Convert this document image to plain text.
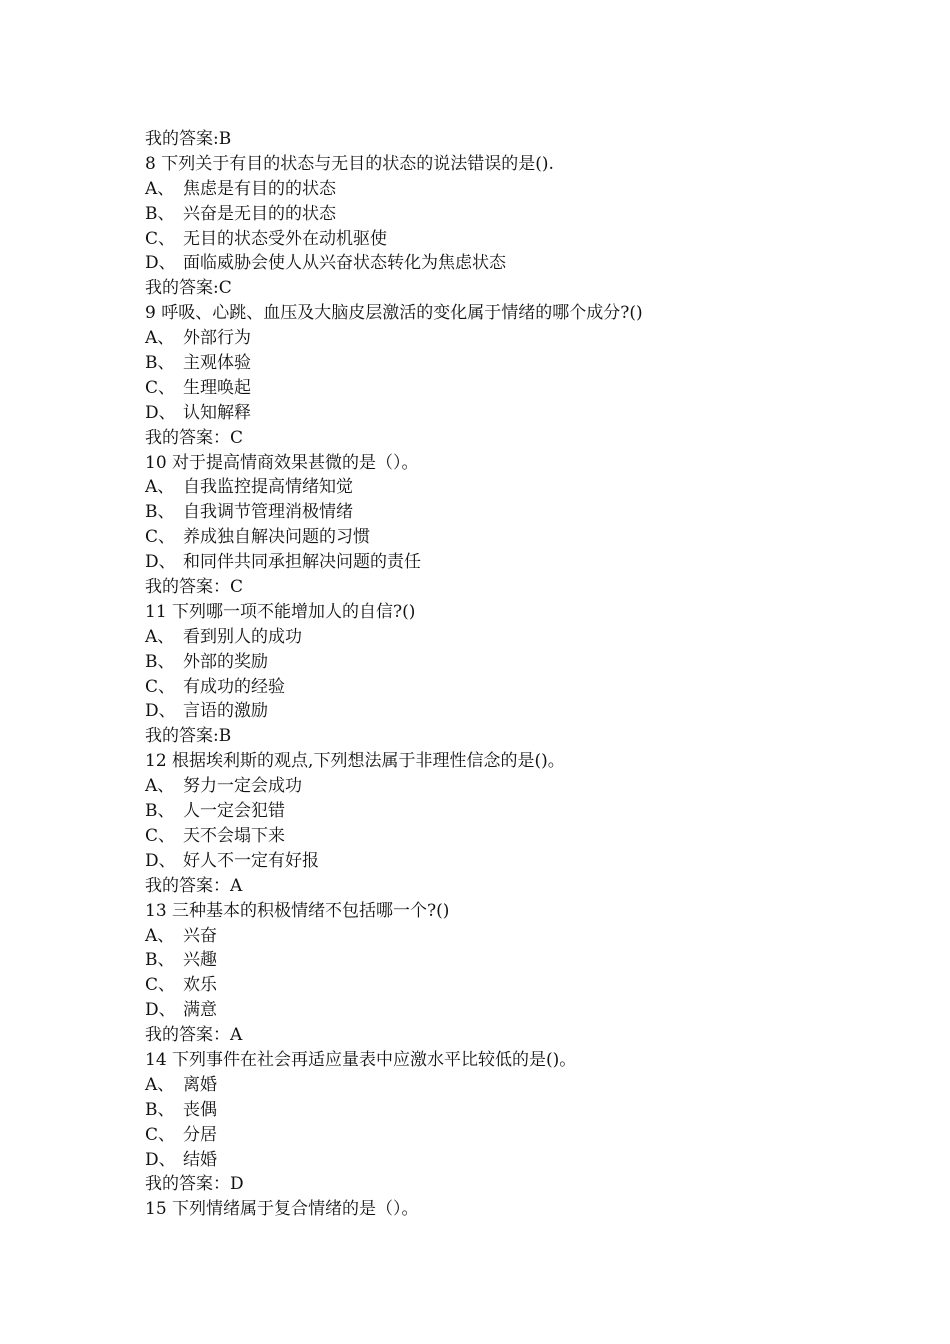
我的答案:B
8 下列关于有目的状态与无目的状态的说法错误的是().
A、 焦虑是有目的的状态
B、 兴奋是无目的的状态
C、 无目的状态受外在动机驱使
D、 面临威胁会使人从兴奋状态转化为焦虑状态
我的答案:C
9 呼吸、心跳、血压及大脑皮层激活的变化属于情绪的哪个成分?()
A、 外部行为
B、 主观体验
C、 生理唤起
D、 认知解释
我的答案：C
10 对于提高情商效果甚微的是（）。
A、 自我监控提高情绪知觉
B、 自我调节管理消极情绪
C、 养成独自解决问题的习惯
D、 和同伴共同承担解决问题的责任
我的答案：C
11 下列哪一项不能增加人的自信?()
A、 看到别人的成功
B、 外部的奖励
C、 有成功的经验
D、 言语的激励
我的答案:B
12 根据埃利斯的观点,下列想法属于非理性信念的是()。
A、 努力一定会成功
B、 人一定会犯错
C、 天不会塌下来
D、 好人不一定有好报
我的答案：A
13 三种基本的积极情绪不包括哪一个?()
A、 兴奋
B、 兴趣
C、 欢乐
D、 满意
我的答案：A
14 下列事件在社会再适应量表中应激水平比较低的是()。
A、 离婚
B、 丧偶
C、 分居
D、 结婚
我的答案：D
15 下列情绪属于复合情绪的是（）。
